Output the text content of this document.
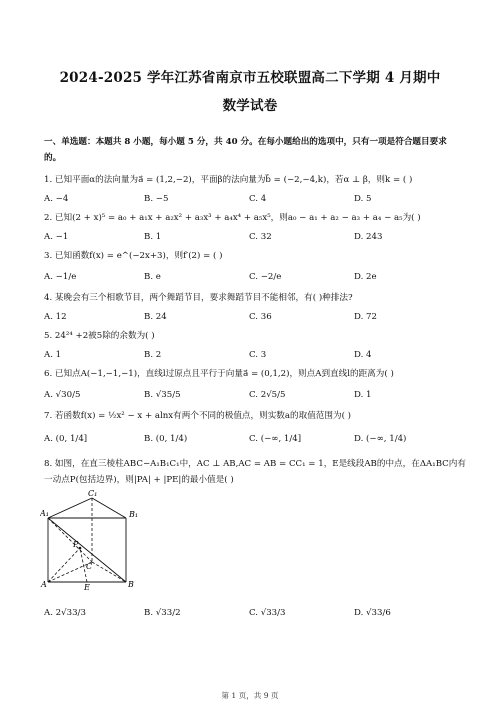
2024-2025 学年江苏省南京市五校联盟高二下学期 4 月期中
数学试卷
一、单选题：本题共 8 小题，每小题 5 分，共 40 分。在每小题给出的选项中，只有一项是符合题目要求
的。
1. 已知平面α的法向量为a⃗ = (1,2,−2)，平面β的法向量为b⃗ = (−2,−4,k)，若α ⊥ β，则k = ( )
A. −4	B. −5	C. 4	D. 5
2. 已知(2 + x)⁵ = a₀ + a₁x + a₂x² + a₃x³ + a₄x⁴ + a₅x⁵，则a₀ − a₁ + a₂ − a₃ + a₄ − a₅为( )
A. −1	B. 1	C. 32	D. 243
3. 已知函数f(x) = e^(−2x+3)，则f′(2) = ( )
A. −1/e	B. e	C. −2/e	D. 2e
4. 某晚会有三个相歌节目，两个舞蹈节目，要求舞蹈节目不能相邻，有( )种排法?
A. 12	B. 24	C. 36	D. 72
5. 24²⁴ +2被5除的余数为( )
A. 1	B. 2	C. 3	D. 4
6. 已知点A(−1,−1,−1)，直线l过原点且平行于向量a⃗ = (0,1,2)，则点A到直线l的距离为( )
A. √30/5	B. √35/5	C. 2√5/5	D. 1
7. 若函数f(x) = ½x² − x + alnx有两个不同的极值点，则实数a的取值范围为( )
A. (0, 1/4]	B. (0, 1/4)	C. (−∞, 1/4]	D. (−∞, 1/4)
8. 如图，在直三棱柱ABC−A₁B₁C₁中，AC ⊥ AB,AC = AB = CC₁ = 1，E是线段AB的中点，在ΔA₁BC内有
一动点P(包括边界)，则|PA| + |PE|的最小值是( )
A₁	B₁
C₁
A	B
C
E
P
A. 2√33/3	B. √33/2	C. √33/3	D. √33/6
第 1 页，共 9 页
